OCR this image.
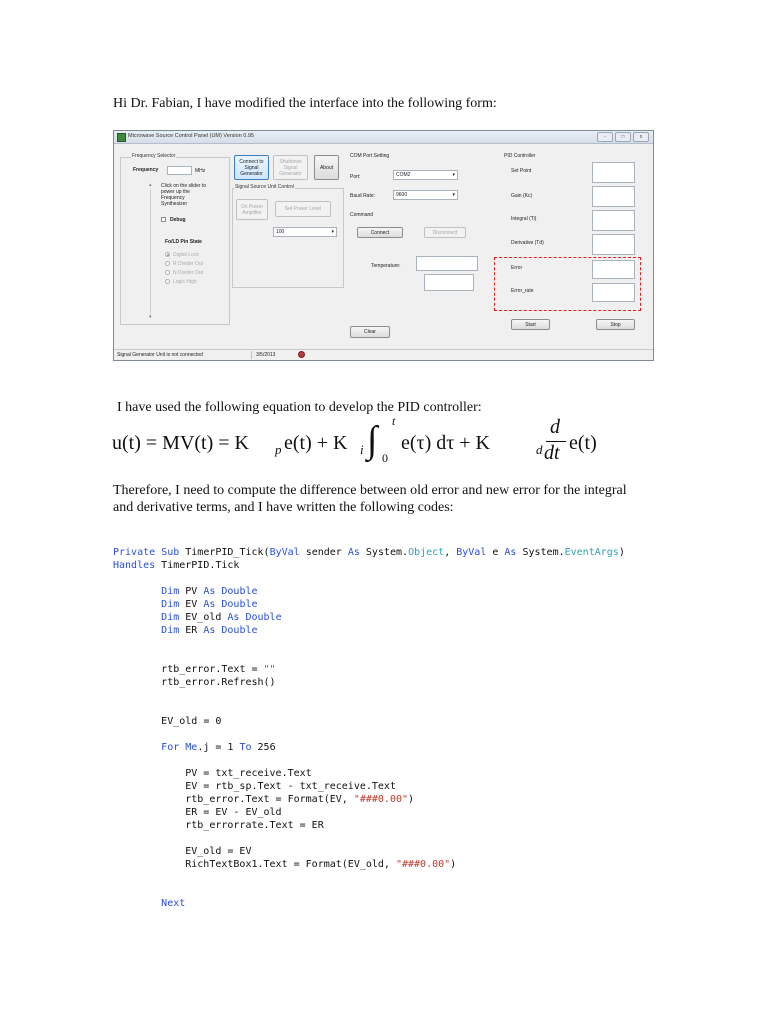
Hi Dr. Fabian, I have modified the interface into the following form:
Microwave Source Control Panel (UM) Version 0.95	-	□	x
Frequency Selector
Frequency	MHz
▴
▾
Click on the slider to power up the Frequency Synthesizer
Debug
Fo/LD Pin State
Digital Lock
R Divider Out
N Divider Out
Logic High
Connect to Signal Generator
Shutdown Signal Generator
About
Signal Source Unit Control
On Power Amplifier
Set Power Level
100	▾
COM Port Setting
Port:	COM2	▾
Baud Rate:	9600	▾
Command
Connect	Disconnect
Temperature:
Clear
PID Controller
Set Point
Gain (Kc)
Integral (Ti)
Derivative (Td)
Error
Error_rate
Start	Stop
Signal Generator Unit is not connected	3/5/2013
I have used the following equation to develop the PID controller:
u(t) = MV(t) = K p e(t) + K i ∫ t
0
e(τ) dτ + K	d
d
dt e(t)
Therefore, I need to compute the difference between old error and new error for the integral and derivative terms, and I have written the following codes:
Private Sub TimerPID_Tick(ByVal sender As System.Object, ByVal e As System.EventArgs)
Handles TimerPID.Tick

Dim PV As Double
Dim EV As Double
Dim EV_old As Double
Dim ER As Double

rtb_error.Text = ""
rtb_error.Refresh()

EV_old = 0

For Me.j = 1 To 256

PV = txt_receive.Text
EV = rtb_sp.Text - txt_receive.Text
rtb_error.Text = Format(EV, "###0.00")
ER = EV - EV_old
rtb_errorrate.Text = ER

EV_old = EV
RichTextBox1.Text = Format(EV_old, "###0.00")

Next
